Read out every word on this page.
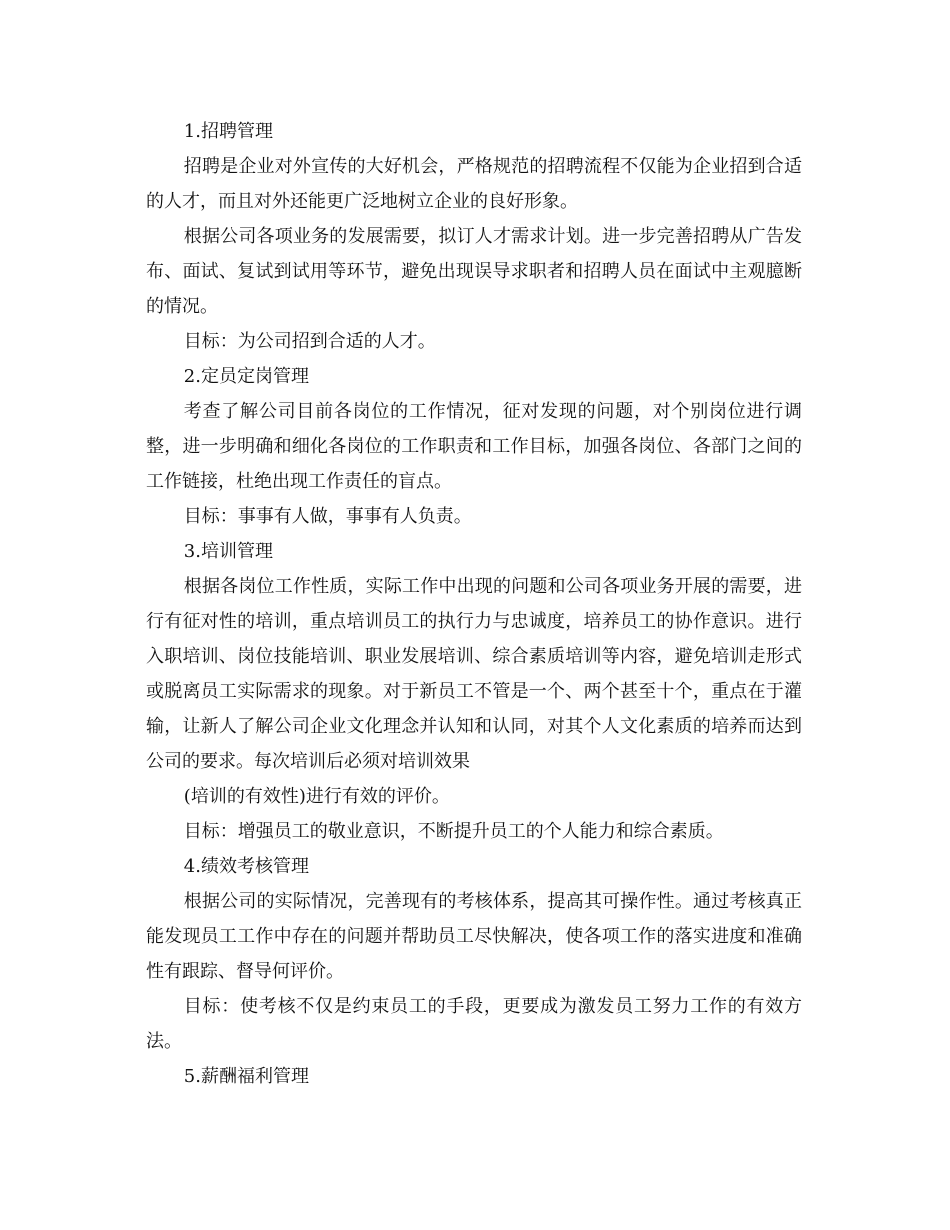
1.招聘管理

招聘是企业对外宣传的大好机会，严格规范的招聘流程不仅能为企业招到合适的人才，而且对外还能更广泛地树立企业的良好形象。

根据公司各项业务的发展需要，拟订人才需求计划。进一步完善招聘从广告发布、面试、复试到试用等环节，避免出现误导求职者和招聘人员在面试中主观臆断的情况。

目标：为公司招到合适的人才。

2.定员定岗管理

考查了解公司目前各岗位的工作情况，征对发现的问题，对个别岗位进行调整，进一步明确和细化各岗位的工作职责和工作目标，加强各岗位、各部门之间的工作链接，杜绝出现工作责任的盲点。

目标：事事有人做，事事有人负责。

3.培训管理

根据各岗位工作性质，实际工作中出现的问题和公司各项业务开展的需要，进行有征对性的培训，重点培训员工的执行力与忠诚度，培养员工的协作意识。进行入职培训、岗位技能培训、职业发展培训、综合素质培训等内容，避免培训走形式或脱离员工实际需求的现象。对于新员工不管是一个、两个甚至十个，重点在于灌输，让新人了解公司企业文化理念并认知和认同，对其个人文化素质的培养而达到公司的要求。每次培训后必须对培训效果

(培训的有效性)进行有效的评价。

目标：增强员工的敬业意识，不断提升员工的个人能力和综合素质。

4.绩效考核管理

根据公司的实际情况，完善现有的考核体系，提高其可操作性。通过考核真正能发现员工工作中存在的问题并帮助员工尽快解决，使各项工作的落实进度和准确性有跟踪、督导何评价。

目标：使考核不仅是约束员工的手段，更要成为激发员工努力工作的有效方法。

5.薪酬福利管理
